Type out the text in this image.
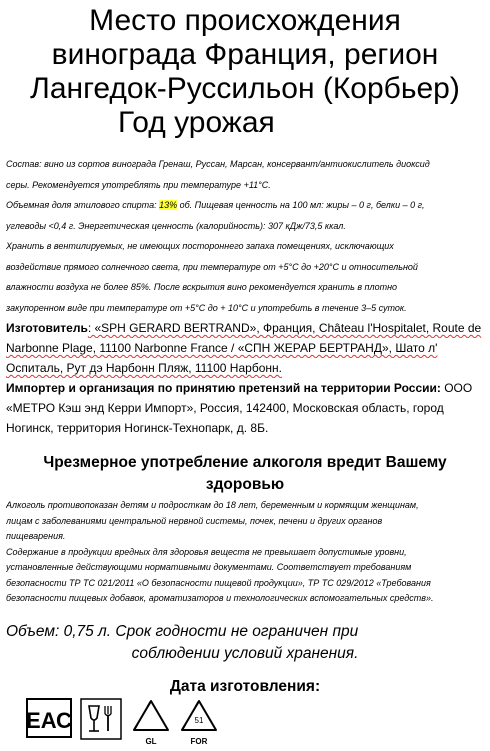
Место происхождения
винограда Франция, регион
Лангедок-Руссильон (Корбьер)
Год урожая
Состав: вино из сортов винограда Гренаш, Руссан, Марсан, консервант/антиокислитель диоксид
серы. Рекомендуется употреблять при температуре +11°С.
Объемная доля этилового спирта: 13% об. Пищевая ценность на 100 мл: жиры – 0 г, белки – 0 г,
углеводы <0,4 г. Энергетическая ценность (калорийность): 307 кДж/73,5 ккал.
Хранить в вентилируемых, не имеющих постороннего запаха помещениях, исключающих
воздействие прямого солнечного света, при температуре от +5°С до +20°С и относительной
влажности воздуха не более 85%. После вскрытия вино рекомендуется хранить в плотно
закупоренном виде при температуре от +5°С до + 10°С и употребить в течение 3–5 суток.
Изготовитель: «SPH GERARD BERTRAND», Франция, Château l'Hospitalet, Route de
Narbonne Plage, 11100 Narbonne France / «СПН ЖЕРАР БЕРТРАНД», Шато л'
Оспиталь, Рут дэ Нарбонн Пляж, 11100 Нарбонн.
Импортер и организация по принятию претензий на территории России: ООО
«МЕТРО Кэш энд Керри Импорт», Россия, 142400, Московская область, город
Ногинск, территория Ногинск-Технопарк, д. 8Б.
Чрезмерное употребление алкоголя вредит Вашему
здоровью
Алкоголь противопоказан детям и подросткам до 18 лет, беременным и кормящим женщинам,
лицам с заболеваниями центральной нервной системы, почек, печени и других органов
пищеварения.
Содержание в продукции вредных для здоровья веществ не превышает допустимые уровни,
установленные действующими нормативными документами. Соответствует требованиям
безопасности ТР ТС 021/2011 «О безопасности пищевой продукции», ТР ТС 029/2012 «Требования
безопасности пищевых добавок, ароматизаторов и технологических вспомогательных средств».
Объем: 0,75 л. Срок годности не ограничен при
соблюдении условий хранения.
Дата изготовления:
ЕАС
GL
51
FOR
